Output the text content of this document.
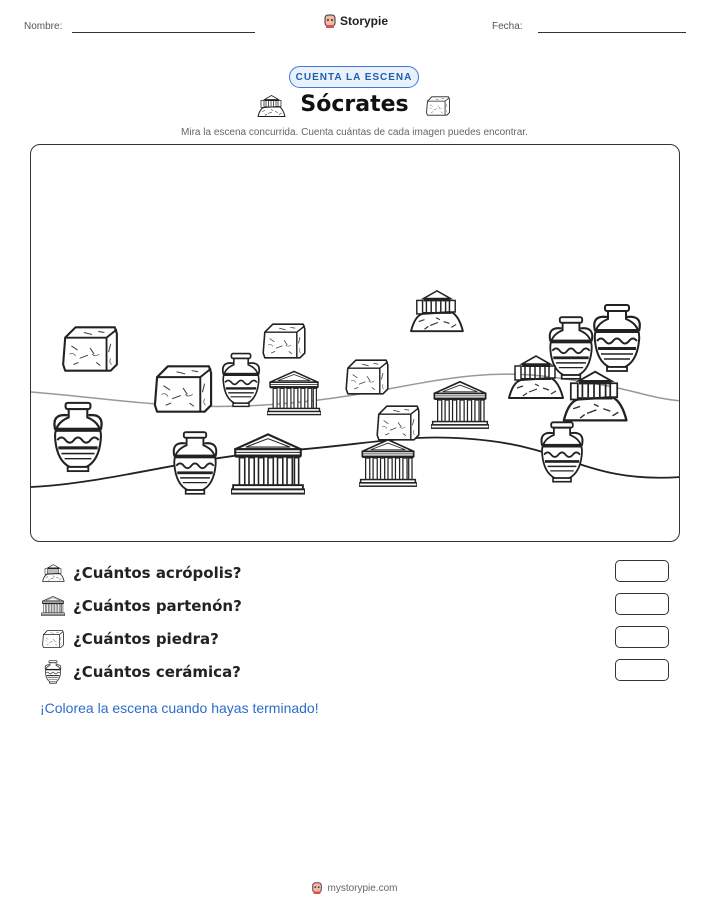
Nombre:	Storypie	Fecha:
CUENTA LA ESCENA
Sócrates
Mira la escena concurrida. Cuenta cuántas de cada imagen puedes encontrar.
¿Cuántos acrópolis?
¿Cuántos partenón?
¿Cuántos piedra?
¿Cuántos cerámica?
¡Colorea la escena cuando hayas terminado!
mystorypie.com
